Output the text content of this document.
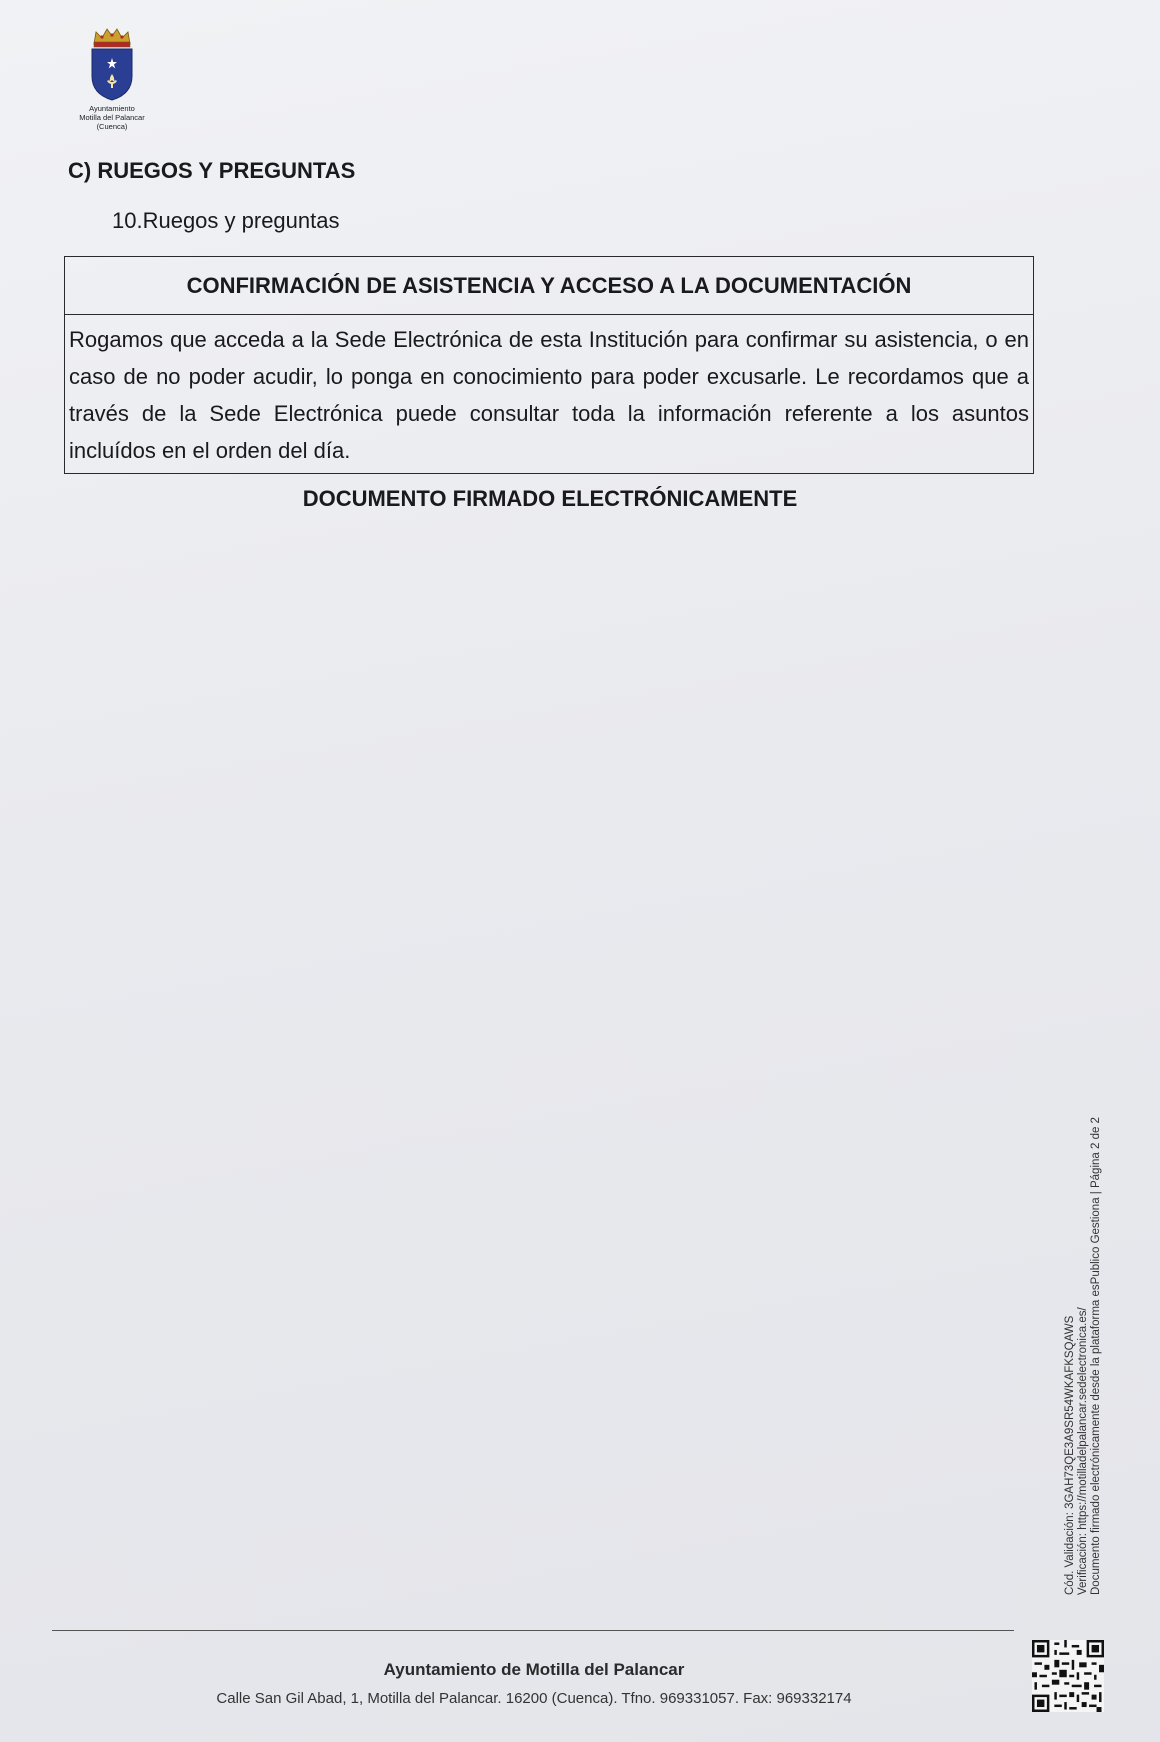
Ayuntamiento
Motilla del Palancar
(Cuenca)
C) RUEGOS Y PREGUNTAS

10.Ruegos y preguntas

CONFIRMACIÓN DE ASISTENCIA Y ACCESO A LA DOCUMENTACIÓN
Rogamos que acceda a la Sede Electrónica de esta Institución para confirmar su asistencia, o en caso de no poder acudir, lo ponga en conocimiento para poder excusarle. Le recordamos que a través de la Sede Electrónica puede consultar toda la información referente a los asuntos incluídos en el orden del día.

DOCUMENTO FIRMADO ELECTRÓNICAMENTE

Cód. Validación: 3GAH73QE3A9SR54WKAFKSQAWS Verificación: https://motilladelpalancar.sedelectronica.es/ Documento firmado electrónicamente desde la plataforma esPublico Gestiona | Página 2 de 2
Ayuntamiento de Motilla del Palancar
Calle San Gil Abad, 1, Motilla del Palancar. 16200 (Cuenca). Tfno. 969331057. Fax: 969332174
